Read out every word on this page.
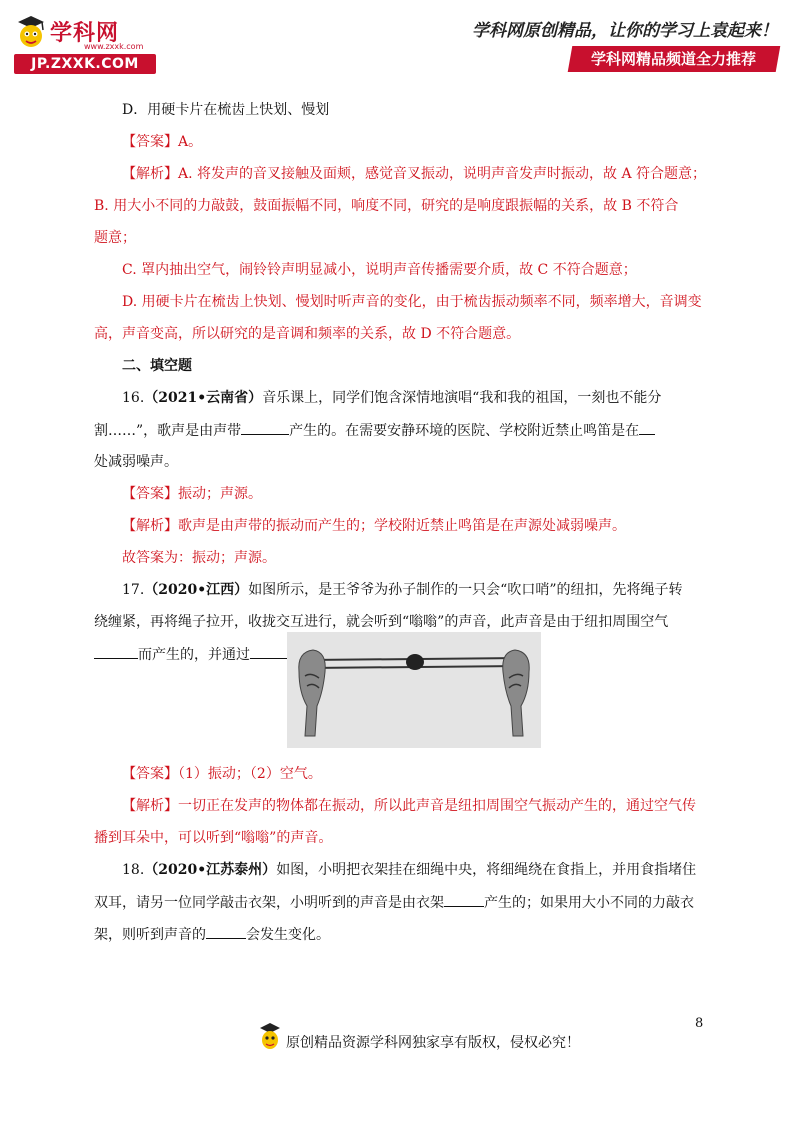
学科网
www.zxxk.com
JP.ZXXK.COM
学科网原创精品，让你的学习上袁起来！
学科网精品频道全力推荐
D．用硬卡片在梳齿上快划、慢划
【答案】A。
【解析】A. 将发声的音叉接触及面颊，感觉音叉振动，说明声音发声时振动，故 A 符合题意；
B. 用大小不同的力敲鼓，鼓面振幅不同，响度不同，研究的是响度跟振幅的关系，故 B 不符合
题意；
C. 罩内抽出空气，闹铃铃声明显减小，说明声音传播需要介质，故 C 不符合题意；
D. 用硬卡片在梳齿上快划、慢划时听声音的变化，由于梳齿振动频率不同，频率增大，音调变
高，声音变高，所以研究的是音调和频率的关系，故 D 不符合题意。
二、填空题
16.（2021•云南省）音乐课上，同学们饱含深情地演唱“我和我的祖国，一刻也不能分
割……”，歌声是由声带	产生的。在需要安静环境的医院、学校附近禁止鸣笛是在
处减弱噪声。
【答案】振动；声源。
【解析】歌声是由声带的振动而产生的；学校附近禁止鸣笛是在声源处减弱噪声。
故答案为：振动；声源。
17.（2020•江西）如图所示，是王爷爷为孙子制作的一只会“吹口哨”的纽扣，先将绳子转
绕缠紧，再将绳子拉开，收拢交互进行，就会听到“嗡嗡”的声音，此声音是由于纽扣周围空气
而产生的，并通过
【答案】（1）振动；（2）空气。
【解析】一切正在发声的物体都在振动，所以此声音是纽扣周围空气振动产生的，通过空气传
播到耳朵中，可以听到“嗡嗡”的声音。
18.（2020•江苏泰州）如图，小明把衣架挂在细绳中央，将细绳绕在食指上，并用食指堵住
双耳，请另一位同学敲击衣架，小明听到的声音是由衣架	产生的；如果用大小不同的力敲衣
架，则听到声音的	会发生变化。
原创精品资源学科网独家享有版权，侵权必究！
8
